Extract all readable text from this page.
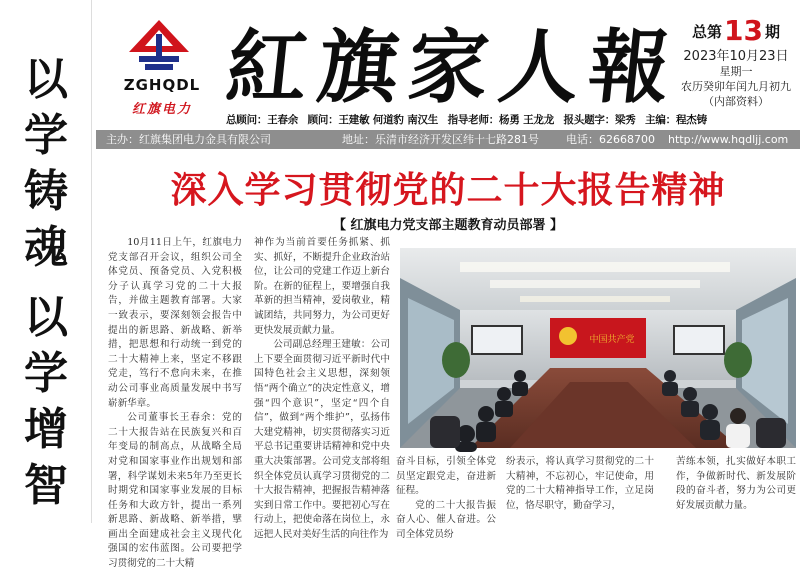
以
学
铸
魂
以
学
增
智
ZGHQDL
红旗电力 紅 旗 家 人 報	总第13 期
2023年10月23日
星期一
农历癸卯年闰九月初九
（内部资料）
总顾问：王春余 顾问：王建敏 何道豹 南汉生 指导老师：杨勇 王龙龙 报头题字：梁秀 主编：程杰铸
主办：红旗集团电力金具有限公司	地址：乐清市经济开发区纬十七路281号 电话：62668700 http://www.hqdljj.com
深入学习贯彻党的二十大报告精神
【 红旗电力党支部主题教育动员部署 】

10月11日上午，红旗电力党支部召开会议，组织公司全体党员、预备党员、入党积极分子认真学习党的二十大报告，并做主题教育部署。大家一致表示，要深刻领会报告中提出的新思路、新战略、新举措，把思想和行动统一到党的二十大精神上来，坚定不移跟党走，笃行不怠向未来，在推动公司事业高质量发展中书写崭新华章。

公司董事长王春余：党的二十大报告站在民族复兴和百年变局的制高点，从战略全局对党和国家事业作出规划和部署，科学谋划未来5年乃至更长时期党和国家事业发展的目标任务和大政方针，提出一系列新思路、新战略、新举措，擘画出全面建成社会主义现代化强国的宏伟蓝图。公司要把学习贯彻党的二十大精

神作为当前首要任务抓紧、抓实、抓好，不断提升企业政治站位，让公司的党建工作迈上新台阶。在新的征程上，要增强自我革新的担当精神，爱岗敬业，精诚团结，共同努力，为公司更好更快发展贡献力量。

公司副总经理王建敏：公司上下要全面贯彻习近平新时代中国特色社会主义思想，深刻领悟“两个确立”的决定性意义，增强“四个意识”，坚定“四个自信”，做到“两个维护”，弘扬伟大建党精神，切实贯彻落实习近平总书记重要讲话精神和党中央重大决策部署。公司党支部将组织全体党员认真学习贯彻党的二十大报告精神，把握报告精神落实到日常工作中。要把初心写在行动上，把使命落在岗位上，永远把人民对美好生活的向往作为

奋斗目标，引领全体党员坚定跟党走，奋进新征程。

党的二十大报告振奋人心、催人奋进。公司全体党员纷

纷表示，将认真学习贯彻党的二十大精神，不忘初心，牢记使命，用党的二十大精神指导工作，立足岗位，恪尽职守，勤奋学习，

苦练本领，扎实做好本职工作，争做新时代、新发展阶段的奋斗者，努力为公司更好发展贡献力量。

中国共产党
